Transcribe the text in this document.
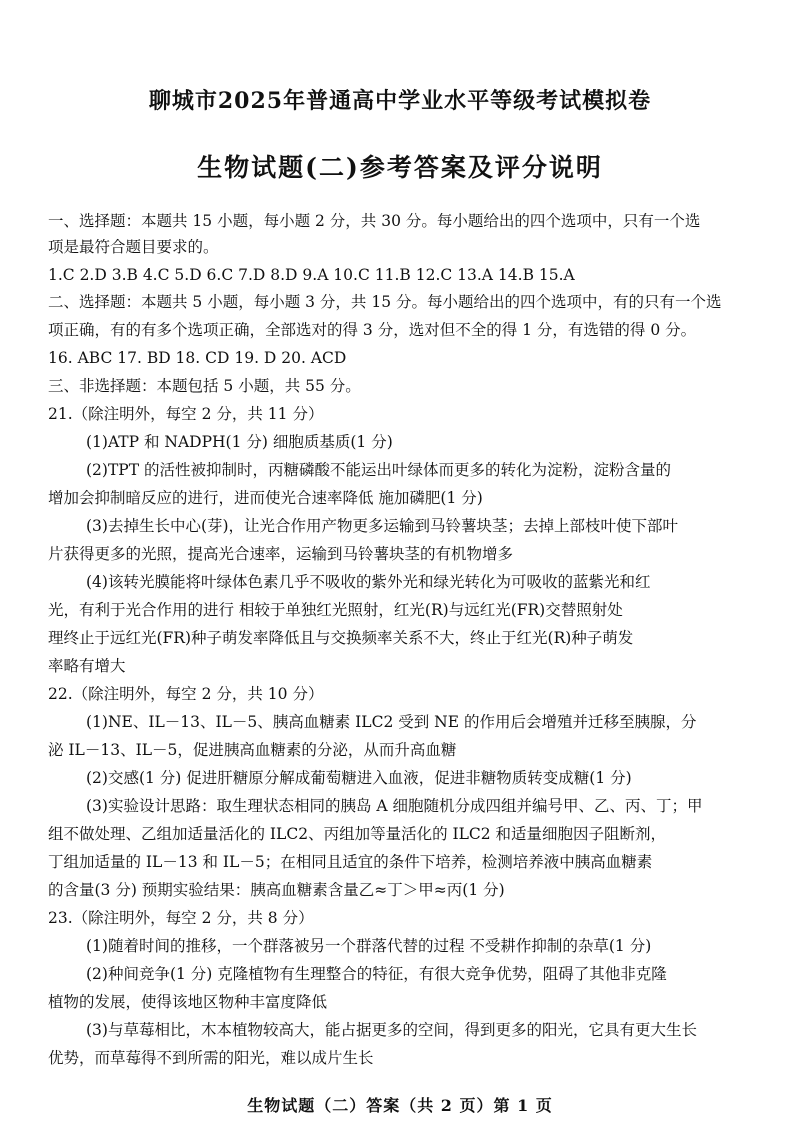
聊城市2025年普通高中学业水平等级考试模拟卷
生物试题(二)参考答案及评分说明
一、选择题：本题共 15 小题，每小题 2 分，共 30 分。每小题给出的四个选项中，只有一个选
项是最符合题目要求的。
1.C 2.D 3.B 4.C 5.D 6.C 7.D 8.D 9.A 10.C 11.B 12.C 13.A 14.B 15.A
二、选择题：本题共 5 小题，每小题 3 分，共 15 分。每小题给出的四个选项中，有的只有一个选
项正确，有的有多个选项正确，全部选对的得 3 分，选对但不全的得 1 分，有选错的得 0 分。
16. ABC 17. BD 18. CD 19. D 20. ACD
三、非选择题：本题包括 5 小题，共 55 分。
21.（除注明外，每空 2 分，共 11 分）
(1)ATP 和 NADPH(1 分) 细胞质基质(1 分)
(2)TPT 的活性被抑制时，丙糖磷酸不能运出叶绿体而更多的转化为淀粉，淀粉含量的
增加会抑制暗反应的进行，进而使光合速率降低 施加磷肥(1 分)
(3)去掉生长中心(芽)，让光合作用产物更多运输到马铃薯块茎；去掉上部枝叶使下部叶
片获得更多的光照，提高光合速率，运输到马铃薯块茎的有机物增多
(4)该转光膜能将叶绿体色素几乎不吸收的紫外光和绿光转化为可吸收的蓝紫光和红
光，有利于光合作用的进行 相较于单独红光照射，红光(R)与远红光(FR)交替照射处
理终止于远红光(FR)种子萌发率降低且与交换频率关系不大，终止于红光(R)种子萌发
率略有增大
22.（除注明外，每空 2 分，共 10 分）
(1)NE、IL－13、IL－5、胰高血糖素 ILC2 受到 NE 的作用后会增殖并迁移至胰腺，分
泌 IL－13、IL－5，促进胰高血糖素的分泌，从而升高血糖
(2)交感(1 分) 促进肝糖原分解成葡萄糖进入血液，促进非糖物质转变成糖(1 分)
(3)实验设计思路：取生理状态相同的胰岛 A 细胞随机分成四组并编号甲、乙、丙、丁；甲
组不做处理、乙组加适量活化的 ILC2、丙组加等量活化的 ILC2 和适量细胞因子阻断剂，
丁组加适量的 IL－13 和 IL－5；在相同且适宜的条件下培养，检测培养液中胰高血糖素
的含量(3 分) 预期实验结果：胰高血糖素含量乙≈丁＞甲≈丙(1 分)
23.（除注明外，每空 2 分，共 8 分）
(1)随着时间的推移，一个群落被另一个群落代替的过程 不受耕作抑制的杂草(1 分)
(2)种间竞争(1 分) 克隆植物有生理整合的特征，有很大竞争优势，阻碍了其他非克隆
植物的发展，使得该地区物种丰富度降低
(3)与草莓相比，木本植物较高大，能占据更多的空间，得到更多的阳光，它具有更大生长
优势，而草莓得不到所需的阳光，难以成片生长
生物试题（二）答案（共 2 页）第 1 页
